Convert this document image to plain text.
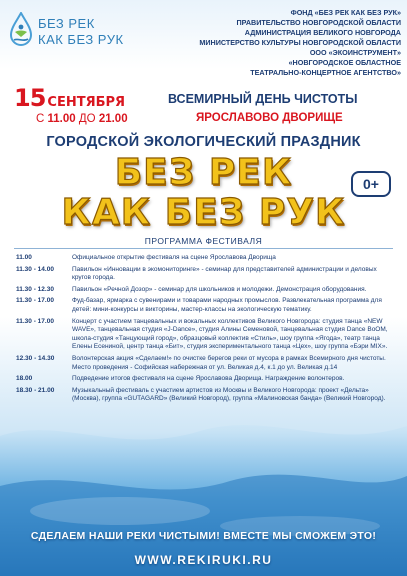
БЕЗ РЕК
КАК БЕЗ РУК
ФОНД «БЕЗ РЕК КАК БЕЗ РУК»
ПРАВИТЕЛЬСТВО НОВГОРОДСКОЙ ОБЛАСТИ
АДМИНИСТРАЦИЯ ВЕЛИКОГО НОВГОРОДА
МИНИСТЕРСТВО КУЛЬТУРЫ НОВГОРОДСКОЙ ОБЛАСТИ
ООО «ЭКОИНСТРУМЕНТ»
«НОВГОРОДСКОЕ ОБЛАСТНОЕ
ТЕАТРАЛЬНО-КОНЦЕРТНОЕ АГЕНТСТВО»
15 СЕНТЯБРЯ
С 11.00 ДО 21.00
ВСЕМИРНЫЙ ДЕНЬ ЧИСТОТЫ
ЯРОСЛАВОВО ДВОРИЩЕ
ГОРОДСКОЙ ЭКОЛОГИЧЕСКИЙ ПРАЗДНИК
БЕЗ РЕК
КАК БЕЗ РУК
0+
ПРОГРАММА ФЕСТИВАЛЯ
11.00	Официальное открытие фестиваля на сцене Ярославова Дворища
11.30 - 14.00	Павильон «Инновации в экомониторинге» - семинар для представителей администрации и деловых кругов города.
11.30 - 12.30	Павильон «Речной Дозор» - семинар для школьников и молодежи. Демонстрация оборудования.
11.30 - 17.00	Фуд-базар, ярмарка с сувенирами и товарами народных промыслов. Развлекательная программа для детей: мини-конкурсы и викторины, мастер-классы на экологическую тематику.
11.30 - 17.00	Концерт с участием танцевальных и вокальных коллективов Великого Новгорода: студия танца «NEW WAVE», танцевальная студия «J-Dance», студия Алины Семеновой, танцевальная студия Dance BoOM, школа-студия «Танцующий город», образцовый коллектив «Стиль», шоу группа «Ягода», театр танца Елены Есениной, центр танца «Бит», студия экспериментального танца «Цех», шоу группа «Бэри MIX».
12.30 - 14.30	Волонтерская акция «Сделаем!» по очистке берегов реки от мусора в рамках Всемирного дня чистоты. Место проведения - Софийская набережная от ул. Великая д.4, к.1 до ул. Великая д.14
18.00	Подведение итогов фестиваля на сцене Ярославова Дворища. Награждение волонтеров.
18.30 - 21.00	Музыкальный фестиваль с участием артистов из Москвы и Великого Новгорода: проект «Дельта» (Москва), группа «GUTAGARD» (Великий Новгород), группа «Малиновская банда» (Великий Новгород).
СДЕЛАЕМ НАШИ РЕКИ ЧИСТЫМИ! ВМЕСТЕ МЫ СМОЖЕМ ЭТО!
WWW.REKIRUKI.RU
